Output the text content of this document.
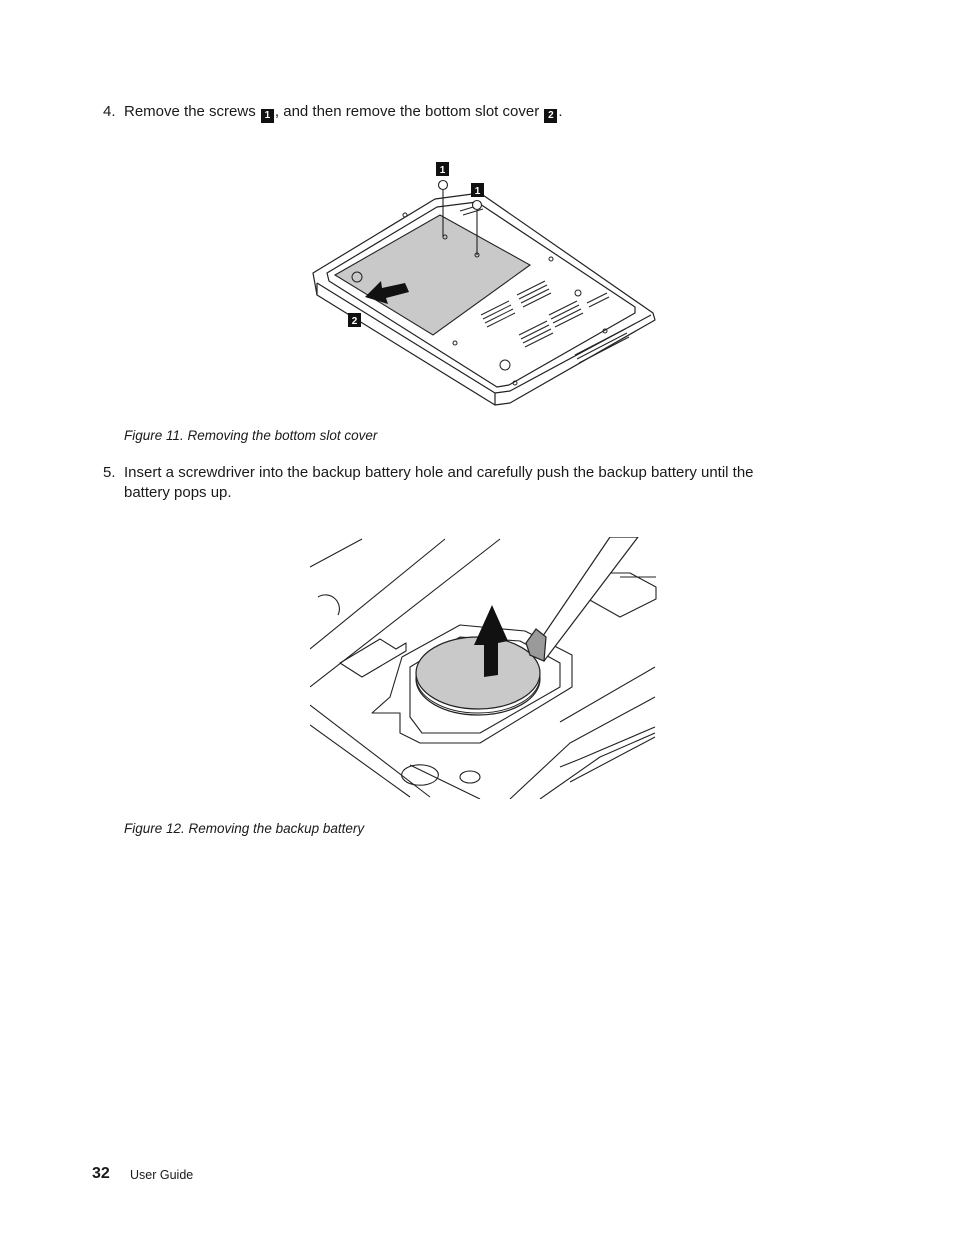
4. Remove the screws 1 , and then remove the bottom slot cover 2 .
1
1
2
Figure 11. Removing the bottom slot cover
5. Insert a screwdriver into the backup battery hole and carefully push the backup battery until the
battery pops up.
Figure 12. Removing the backup battery
32 User Guide
